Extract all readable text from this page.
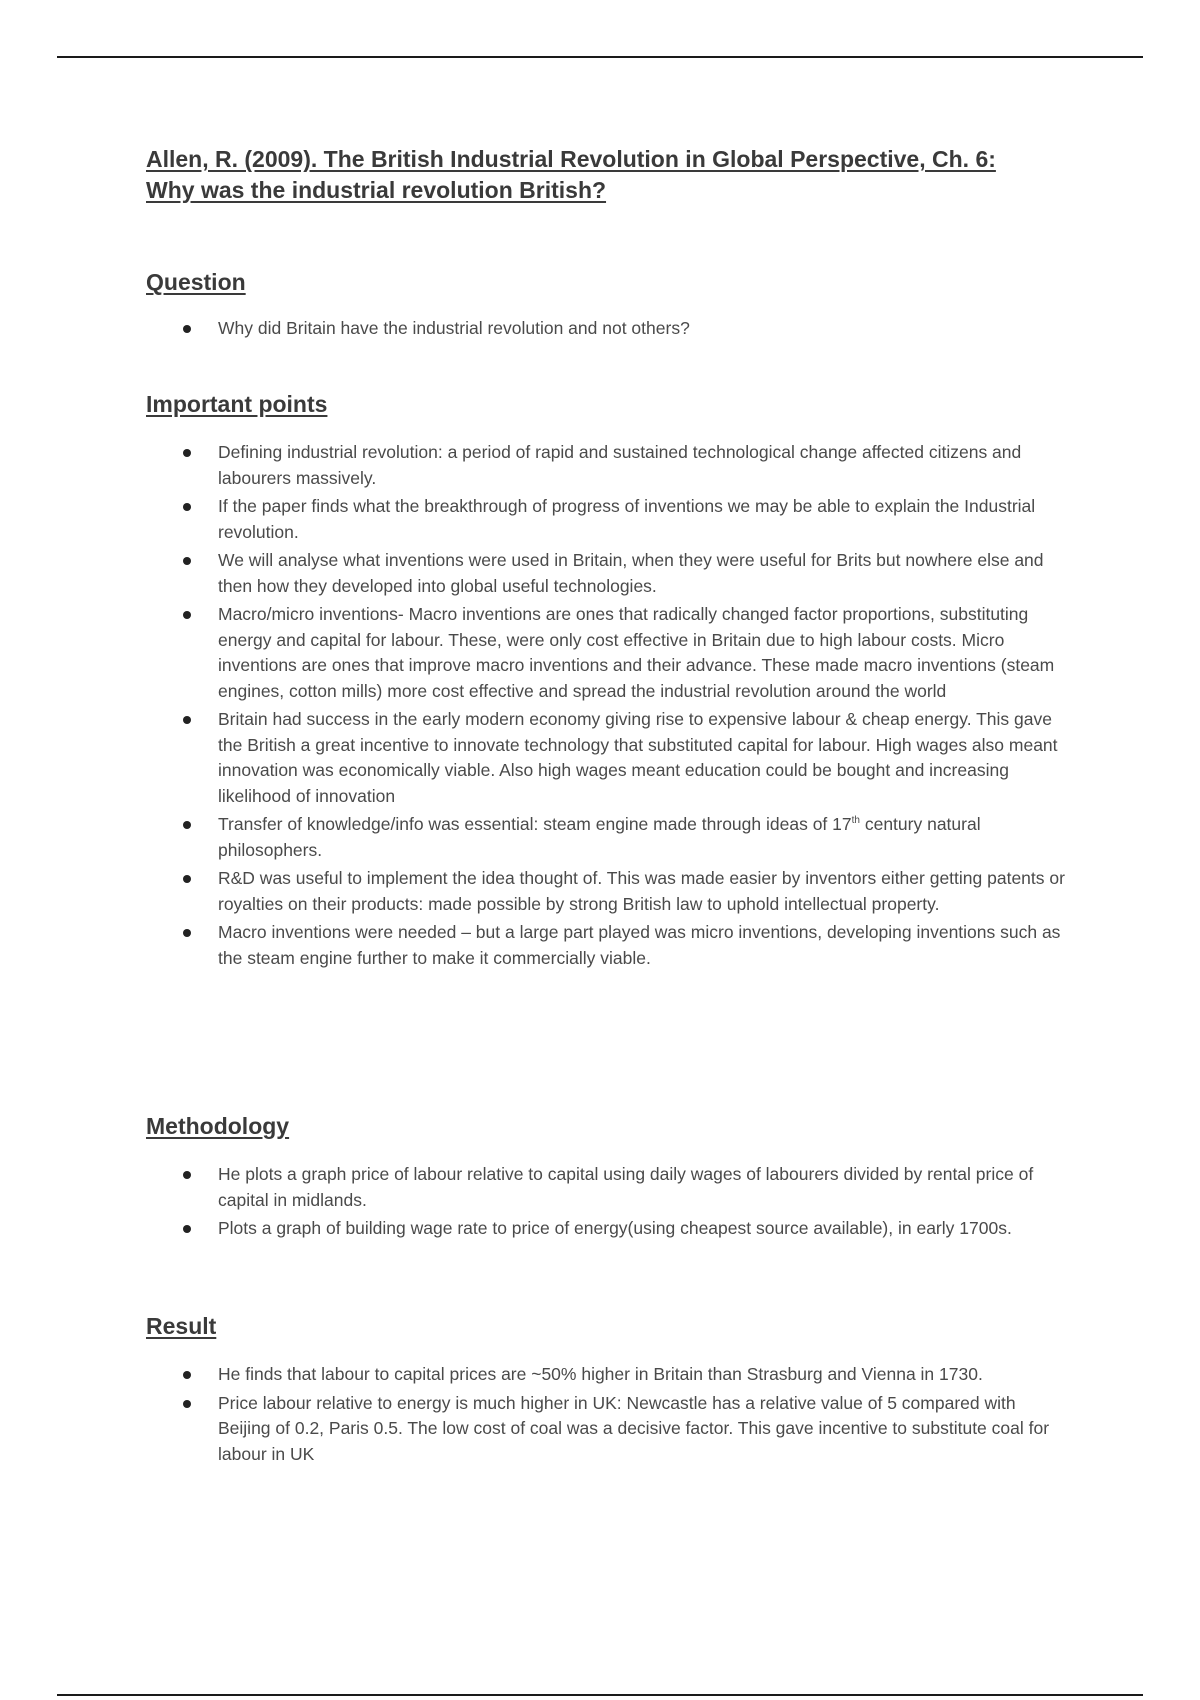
Allen, R. (2009). The British Industrial Revolution in Global Perspective, Ch. 6:
Why was the industrial revolution British?
Question
Why did Britain have the industrial revolution and not others?
Important points
Defining industrial revolution: a period of rapid and sustained technological change affected citizens and labourers massively.
If the paper finds what the breakthrough of progress of inventions we may be able to explain the Industrial revolution.
We will analyse what inventions were used in Britain, when they were useful for Brits but nowhere else and then how they developed into global useful technologies.
Macro/micro inventions- Macro inventions are ones that radically changed factor proportions, substituting energy and capital for labour. These, were only cost effective in Britain due to high labour costs. Micro inventions are ones that improve macro inventions and their advance. These made macro inventions (steam engines, cotton mills) more cost effective and spread the industrial revolution around the world
Britain had success in the early modern economy giving rise to expensive labour & cheap energy. This gave the British a great incentive to innovate technology that substituted capital for labour. High wages also meant innovation was economically viable. Also high wages meant education could be bought and increasing likelihood of innovation
Transfer of knowledge/info was essential: steam engine made through ideas of 17th century natural philosophers.
R&D was useful to implement the idea thought of. This was made easier by inventors either getting patents or royalties on their products: made possible by strong British law to uphold intellectual property.
Macro inventions were needed – but a large part played was micro inventions, developing inventions such as the steam engine further to make it commercially viable.
Methodology
He plots a graph price of labour relative to capital using daily wages of labourers divided by rental price of capital in midlands.
Plots a graph of building wage rate to price of energy(using cheapest source available), in early 1700s.
Result
He finds that labour to capital prices are ~50% higher in Britain than Strasburg and Vienna in 1730.
Price labour relative to energy is much higher in UK: Newcastle has a relative value of 5 compared with Beijing of 0.2, Paris 0.5. The low cost of coal was a decisive factor. This gave incentive to substitute coal for labour in UK
